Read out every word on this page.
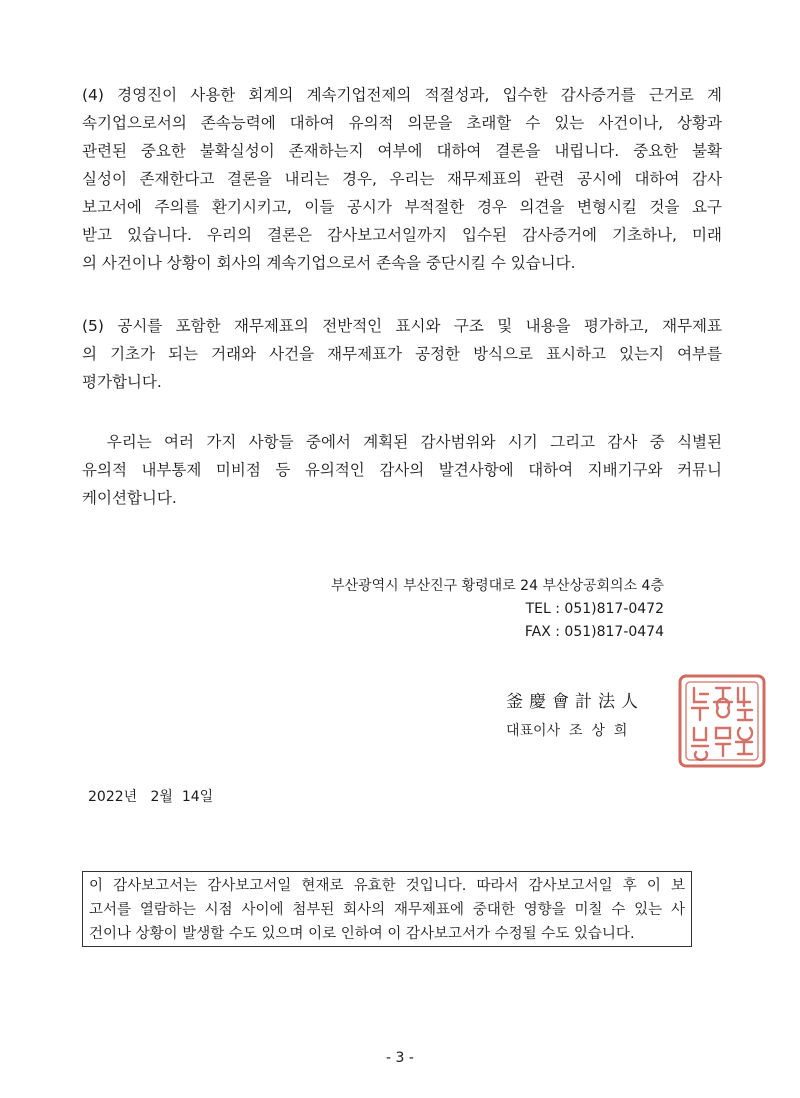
(4) 경영진이 사용한 회계의 계속기업전제의 적절성과, 입수한 감사증거를 근거로 계
속기업으로서의 존속능력에 대하여 유의적 의문을 초래할 수 있는 사건이나, 상황과
관련된 중요한 불확실성이 존재하는지 여부에 대하여 결론을 내립니다. 중요한 불확
실성이 존재한다고 결론을 내리는 경우, 우리는 재무제표의 관련 공시에 대하여 감사
보고서에 주의를 환기시키고, 이들 공시가 부적절한 경우 의견을 변형시킬 것을 요구
받고 있습니다. 우리의 결론은 감사보고서일까지 입수된 감사증거에 기초하나, 미래
의 사건이나 상황이 회사의 계속기업으로서 존속을 중단시킬 수 있습니다.
(5) 공시를 포함한 재무제표의 전반적인 표시와 구조 및 내용을 평가하고, 재무제표
의 기초가 되는 거래와 사건을 재무제표가 공정한 방식으로 표시하고 있는지 여부를
평가합니다.
우리는 여러 가지 사항들 중에서 계획된 감사범위와 시기 그리고 감사 중 식별된
유의적 내부통제 미비점 등 유의적인 감사의 발견사항에 대하여 지배기구와 커뮤니
케이션합니다.
부산광역시 부산진구 황령대로 24 부산상공회의소 4층
TEL : 051)817-0472
FAX : 051)817-0474
釜慶會計法人
대표이사  조  상  희
2022년   2월  14일
이 감사보고서는 감사보고서일 현재로 유효한 것입니다. 따라서 감사보고서일 후 이 보
고서를 열람하는 시점 사이에 첨부된 회사의 재무제표에 중대한 영향을 미칠 수 있는 사
건이나 상황이 발생할 수도 있으며 이로 인하여 이 감사보고서가 수정될 수도 있습니다.
- 3 -
